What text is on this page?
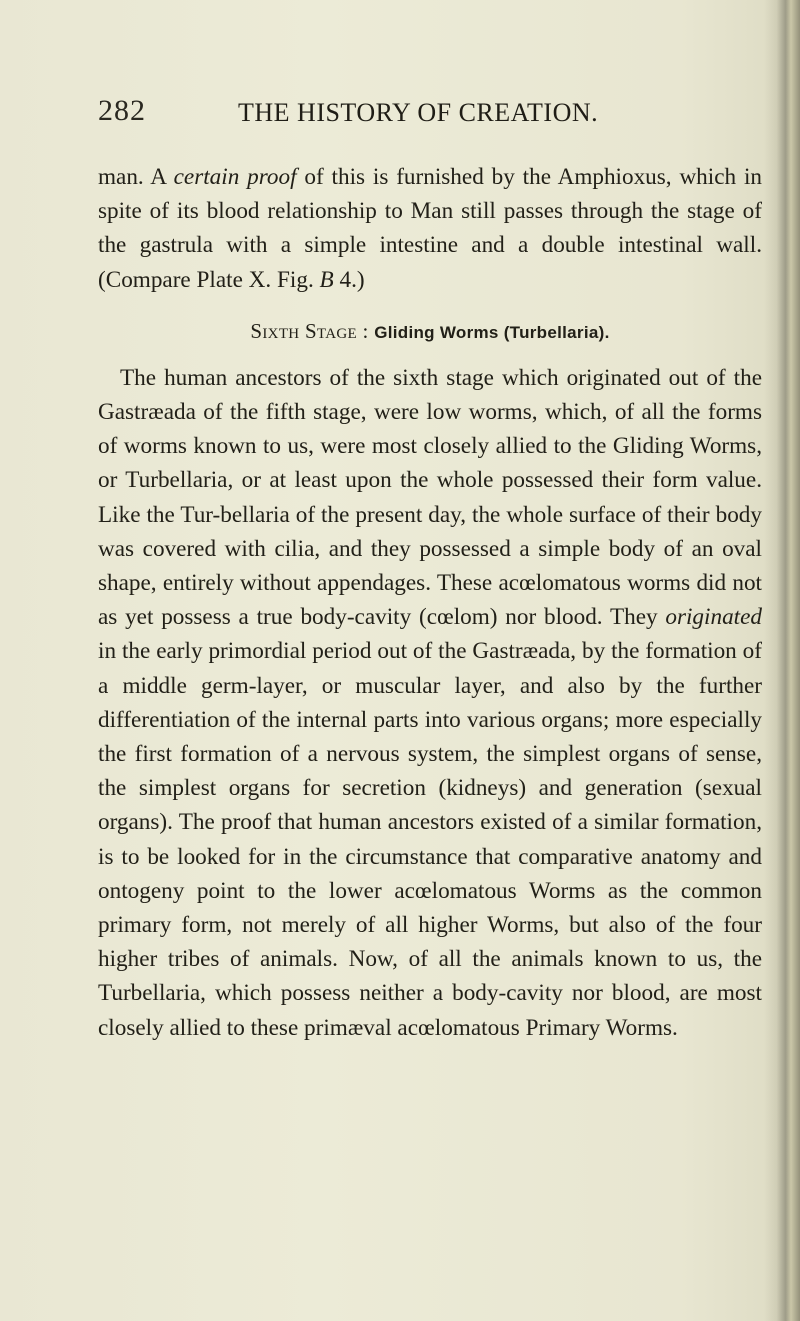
282	THE HISTORY OF CREATION.

man. A certain proof of this is furnished by the Amphioxus, which in spite of its blood relationship to Man still passes through the stage of the gastrula with a simple intestine and a double intestinal wall. (Compare Plate X. Fig. B 4.)

Sixth Stage : Gliding Worms (Turbellaria).

The human ancestors of the sixth stage which originated out of the Gastræada of the fifth stage, were low worms, which, of all the forms of worms known to us, were most closely allied to the Gliding Worms, or Turbellaria, or at least upon the whole possessed their form value. Like the Tur-bellaria of the present day, the whole surface of their body was covered with cilia, and they possessed a simple body of an oval shape, entirely without appendages. These acœlomatous worms did not as yet possess a true body-cavity (cœlom) nor blood. They originated in the early primordial period out of the Gastræada, by the formation of a middle germ-layer, or muscular layer, and also by the further differentiation of the internal parts into various organs; more especially the first formation of a nervous system, the simplest organs of sense, the simplest organs for secretion (kidneys) and generation (sexual organs). The proof that human ancestors existed of a similar formation, is to be looked for in the circumstance that comparative anatomy and ontogeny point to the lower acœlomatous Worms as the common primary form, not merely of all higher Worms, but also of the four higher tribes of animals. Now, of all the animals known to us, the Turbellaria, which possess neither a body-cavity nor blood, are most closely allied to these primæval acœlomatous Primary Worms.
